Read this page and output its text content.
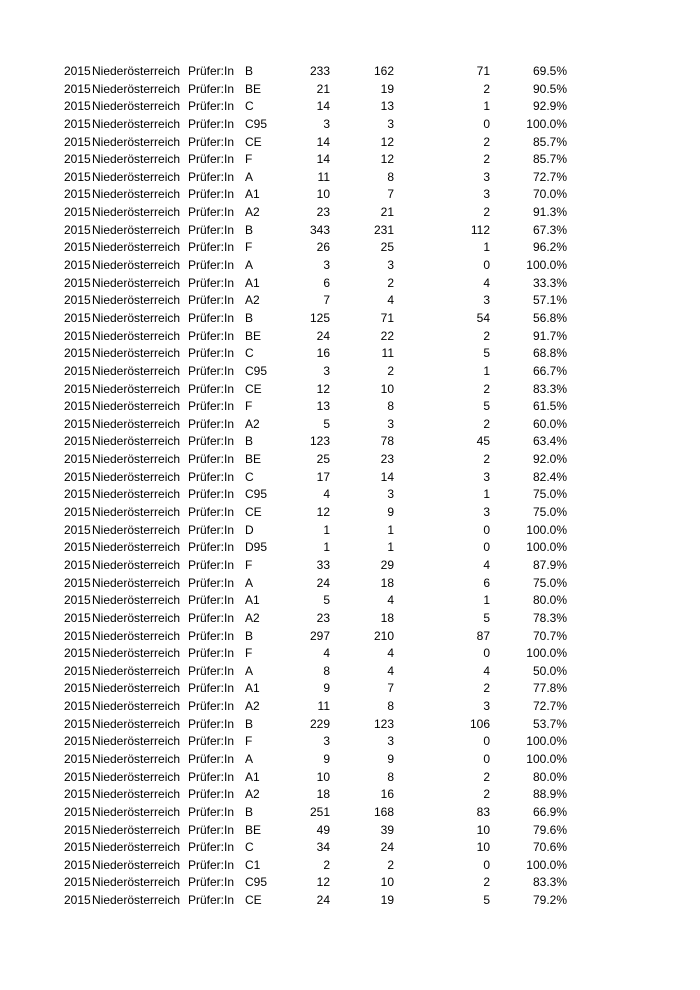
2015 Niederösterreich Prüfer:In B	233	162	71	69.5%
2015 Niederösterreich Prüfer:In BE	21	19	2	90.5%
2015 Niederösterreich Prüfer:In C	14	13	1	92.9%
2015 Niederösterreich Prüfer:In C95	3	3	0	100.0%
2015 Niederösterreich Prüfer:In CE	14	12	2	85.7%
2015 Niederösterreich Prüfer:In F	14	12	2	85.7%
2015 Niederösterreich Prüfer:In A	11	8	3	72.7%
2015 Niederösterreich Prüfer:In A1	10	7	3	70.0%
2015 Niederösterreich Prüfer:In A2	23	21	2	91.3%
2015 Niederösterreich Prüfer:In B	343	231	112	67.3%
2015 Niederösterreich Prüfer:In F	26	25	1	96.2%
2015 Niederösterreich Prüfer:In A	3	3	0	100.0%
2015 Niederösterreich Prüfer:In A1	6	2	4	33.3%
2015 Niederösterreich Prüfer:In A2	7	4	3	57.1%
2015 Niederösterreich Prüfer:In B	125	71	54	56.8%
2015 Niederösterreich Prüfer:In BE	24	22	2	91.7%
2015 Niederösterreich Prüfer:In C	16	11	5	68.8%
2015 Niederösterreich Prüfer:In C95	3	2	1	66.7%
2015 Niederösterreich Prüfer:In CE	12	10	2	83.3%
2015 Niederösterreich Prüfer:In F	13	8	5	61.5%
2015 Niederösterreich Prüfer:In A2	5	3	2	60.0%
2015 Niederösterreich Prüfer:In B	123	78	45	63.4%
2015 Niederösterreich Prüfer:In BE	25	23	2	92.0%
2015 Niederösterreich Prüfer:In C	17	14	3	82.4%
2015 Niederösterreich Prüfer:In C95	4	3	1	75.0%
2015 Niederösterreich Prüfer:In CE	12	9	3	75.0%
2015 Niederösterreich Prüfer:In D	1	1	0	100.0%
2015 Niederösterreich Prüfer:In D95	1	1	0	100.0%
2015 Niederösterreich Prüfer:In F	33	29	4	87.9%
2015 Niederösterreich Prüfer:In A	24	18	6	75.0%
2015 Niederösterreich Prüfer:In A1	5	4	1	80.0%
2015 Niederösterreich Prüfer:In A2	23	18	5	78.3%
2015 Niederösterreich Prüfer:In B	297	210	87	70.7%
2015 Niederösterreich Prüfer:In F	4	4	0	100.0%
2015 Niederösterreich Prüfer:In A	8	4	4	50.0%
2015 Niederösterreich Prüfer:In A1	9	7	2	77.8%
2015 Niederösterreich Prüfer:In A2	11	8	3	72.7%
2015 Niederösterreich Prüfer:In B	229	123	106	53.7%
2015 Niederösterreich Prüfer:In F	3	3	0	100.0%
2015 Niederösterreich Prüfer:In A	9	9	0	100.0%
2015 Niederösterreich Prüfer:In A1	10	8	2	80.0%
2015 Niederösterreich Prüfer:In A2	18	16	2	88.9%
2015 Niederösterreich Prüfer:In B	251	168	83	66.9%
2015 Niederösterreich Prüfer:In BE	49	39	10	79.6%
2015 Niederösterreich Prüfer:In C	34	24	10	70.6%
2015 Niederösterreich Prüfer:In C1	2	2	0	100.0%
2015 Niederösterreich Prüfer:In C95	12	10	2	83.3%
2015 Niederösterreich Prüfer:In CE	24	19	5	79.2%
